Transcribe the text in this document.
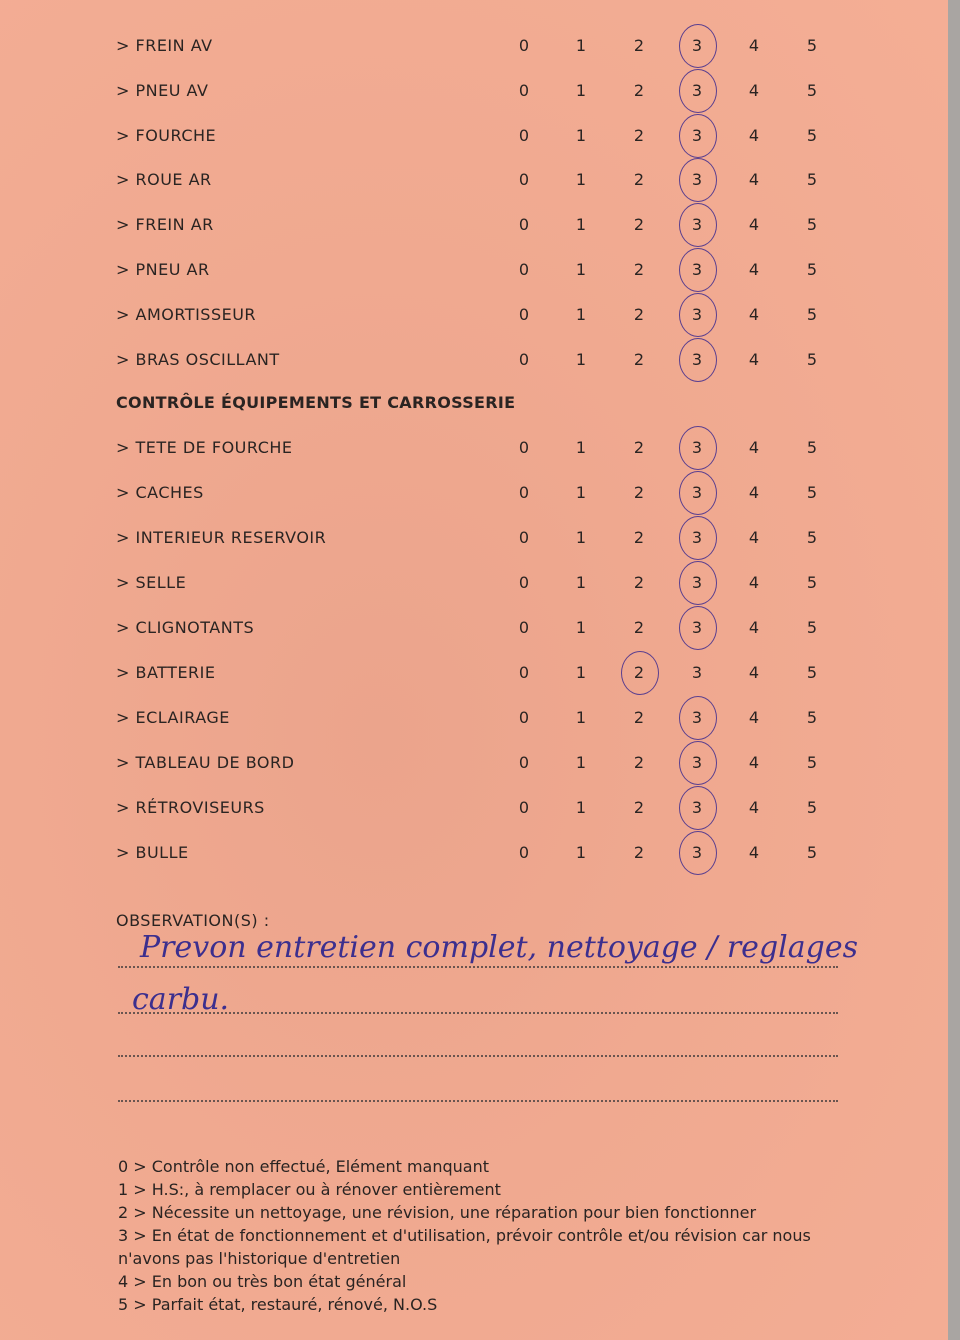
> FREIN AV	0	1	2	3	4	5
> PNEU AV	0	1	2	3	4	5
> FOURCHE	0	1	2	3	4	5
> ROUE AR	0	1	2	3	4	5
> FREIN AR	0	1	2	3	4	5
> PNEU AR	0	1	2	3	4	5
> AMORTISSEUR	0	1	2	3	4	5
> BRAS OSCILLANT	0	1	2	3	4	5
CONTRÔLE ÉQUIPEMENTS ET CARROSSERIE
> TETE DE FOURCHE	0	1	2	3	4	5
> CACHES	0	1	2	3	4	5
> INTERIEUR RESERVOIR	0	1	2	3	4	5
> SELLE	0	1	2	3	4	5
> CLIGNOTANTS	0	1	2	3	4	5
> BATTERIE	0	1	2	3	4	5
> ECLAIRAGE	0	1	2	3	4	5
> TABLEAU DE BORD	0	1	2	3	4	5
> RÉTROVISEURS	0	1	2	3	4	5
> BULLE	0	1	2	3	4	5
OBSERVATION(S) :
Prevon entretien complet, nettoyage / reglages
carbu.
0 > Contrôle non effectué, Elément manquant
1 > H.S:, à remplacer ou à rénover entièrement
2 > Nécessite un nettoyage, une révision, une réparation pour bien fonctionner
3 > En état de fonctionnement et d'utilisation, prévoir contrôle et/ou révision car nous
n'avons pas l'historique d'entretien
4 > En bon ou très bon état général
5 > Parfait état, restauré, rénové, N.O.S
